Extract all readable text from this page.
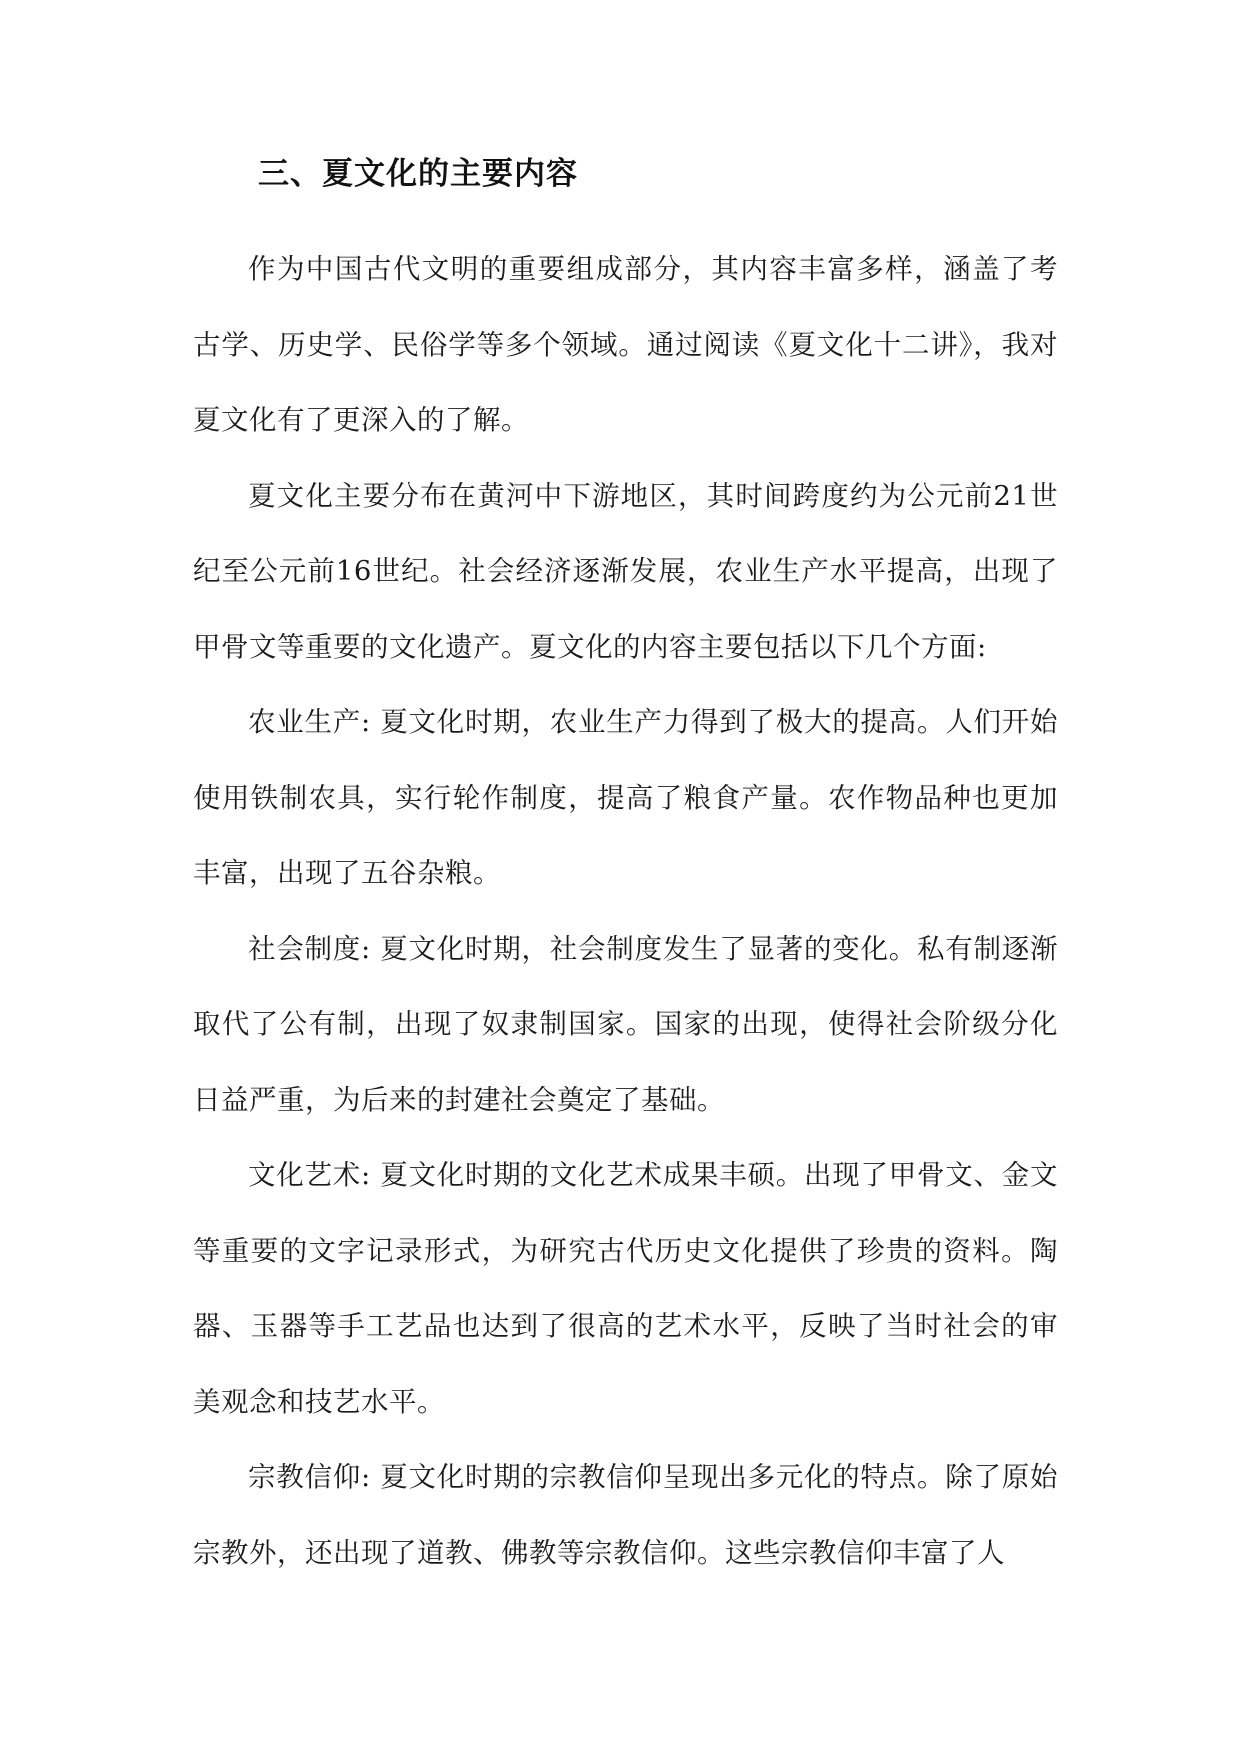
三、夏文化的主要内容

作为中国古代文明的重要组成部分，其内容丰富多样，涵盖了考古学、历史学、民俗学等多个领域。通过阅读《夏文化十二讲》，我对夏文化有了更深入的了解。

夏文化主要分布在黄河中下游地区，其时间跨度约为公元前21世纪至公元前16世纪。社会经济逐渐发展，农业生产水平提高，出现了甲骨文等重要的文化遗产。夏文化的内容主要包括以下几个方面:

农业生产: 夏文化时期，农业生产力得到了极大的提高。人们开始使用铁制农具，实行轮作制度，提高了粮食产量。农作物品种也更加丰富，出现了五谷杂粮。

社会制度: 夏文化时期，社会制度发生了显著的变化。私有制逐渐取代了公有制，出现了奴隶制国家。国家的出现，使得社会阶级分化日益严重，为后来的封建社会奠定了基础。

文化艺术: 夏文化时期的文化艺术成果丰硕。出现了甲骨文、金文等重要的文字记录形式，为研究古代历史文化提供了珍贵的资料。陶器、玉器等手工艺品也达到了很高的艺术水平，反映了当时社会的审美观念和技艺水平。

宗教信仰: 夏文化时期的宗教信仰呈现出多元化的特点。除了原始宗教外，还出现了道教、佛教等宗教信仰。这些宗教信仰丰富了人
